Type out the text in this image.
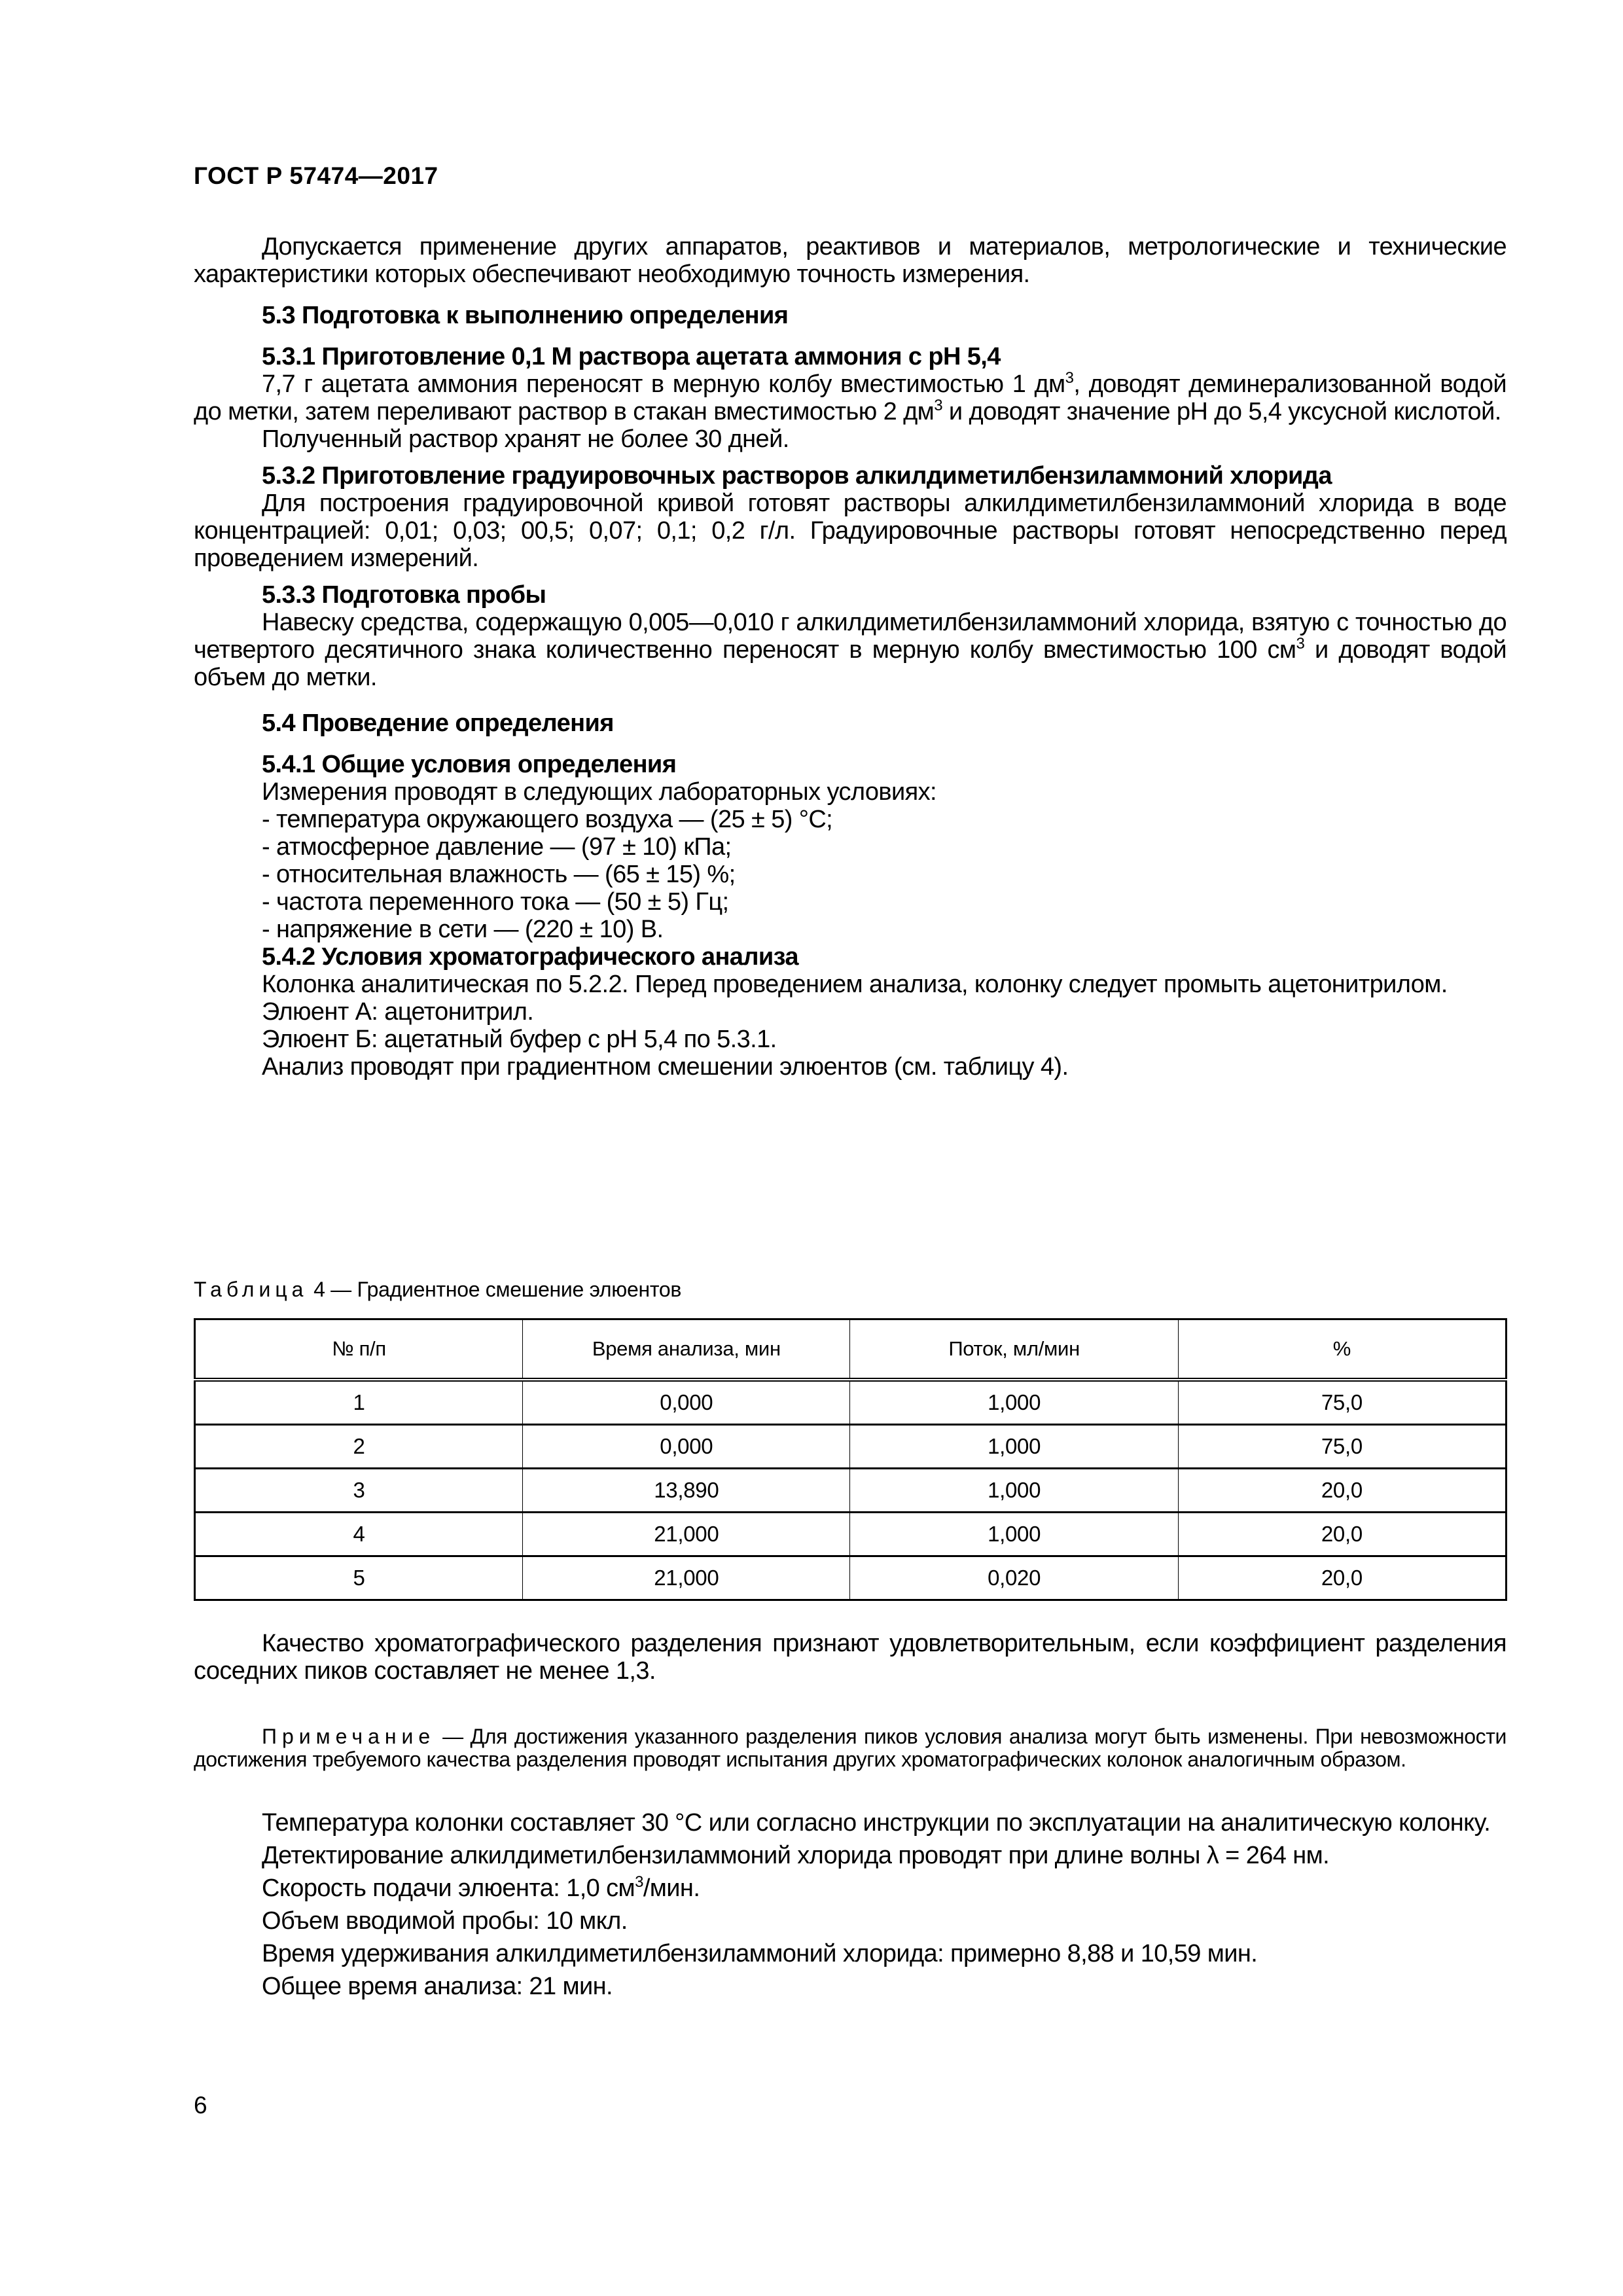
ГОСТ Р 57474—2017

Допускается применение других аппаратов, реактивов и материалов, метрологические и технические характеристики которых обеспечивают необходимую точность измерения.

5.3 Подготовка к выполнению определения

5.3.1 Приготовление 0,1 М раствора ацетата аммония с рН 5,4

7,7 г ацетата аммония переносят в мерную колбу вместимостью 1 $дм^3$, доводят деминерализованной водой до метки, затем переливают раствор в стакан вместимостью 2 $дм^3$ и доводят значение рН до 5,4 уксусной кислотой.

Полученный раствор хранят не более 30 дней.

5.3.2 Приготовление градуировочных растворов алкилдиметилбензиламмоний хлорида

Для построения градуировочной кривой готовят растворы алкилдиметилбензиламмоний хлорида в воде концентрацией: 0,01; 0,03; 00,5; 0,07; 0,1; 0,2 г/л. Градуировочные растворы готовят непосредственно перед проведением измерений.

5.3.3 Подготовка пробы

Навеску средства, содержащую 0,005—0,010 г алкилдиметилбензиламмоний хлорида, взятую с точностью до четвертого десятичного знака количественно переносят в мерную колбу вместимостью 100 $см^3$ и доводят водой объем до метки.

5.4 Проведение определения

5.4.1 Общие условия определения

Измерения проводят в следующих лабораторных условиях:

- температура окружающего воздуха — (25 ± 5) °С;

- атмосферное давление — (97 ± 10) кПа;

- относительная влажность — (65 ± 15) %;

- частота переменного тока — (50 ± 5) Гц;

- напряжение в сети — (220 ± 10) В.

5.4.2 Условия хроматографического анализа

Колонка аналитическая по 5.2.2. Перед проведением анализа, колонку следует промыть ацетонитрилом.

Элюент А: ацетонитрил.

Элюент Б: ацетатный буфер с рН 5,4 по 5.3.1.

Анализ проводят при градиентном смешении элюентов (см. таблицу 4).

Таблица 4 — Градиентное смешение элюентов
№ п/п	Время анализа, мин	Поток, мл/мин	%
1	0,000	1,000	75,0
2	0,000	1,000	75,0
3	13,890	1,000	20,0
4	21,000	1,000	20,0
5	21,000	0,020	20,0

Качество хроматографического разделения признают удовлетворительным, если коэффициент разделения соседних пиков составляет не менее 1,3.

Примечание — Для достижения указанного разделения пиков условия анализа могут быть изменены. При невозможности достижения требуемого качества разделения проводят испытания других хроматографических колонок аналогичным образом.

Температура колонки составляет 30 °С или согласно инструкции по эксплуатации на аналитическую колонку.

Детектирование алкилдиметилбензиламмоний хлорида проводят при длине волны λ = 264 нм.

Скорость подачи элюента: 1,0 $см^3$/мин.

Объем вводимой пробы: 10 мкл.

Время удерживания алкилдиметилбензиламмоний хлорида: примерно 8,88 и 10,59 мин.

Общее время анализа: 21 мин.

6
